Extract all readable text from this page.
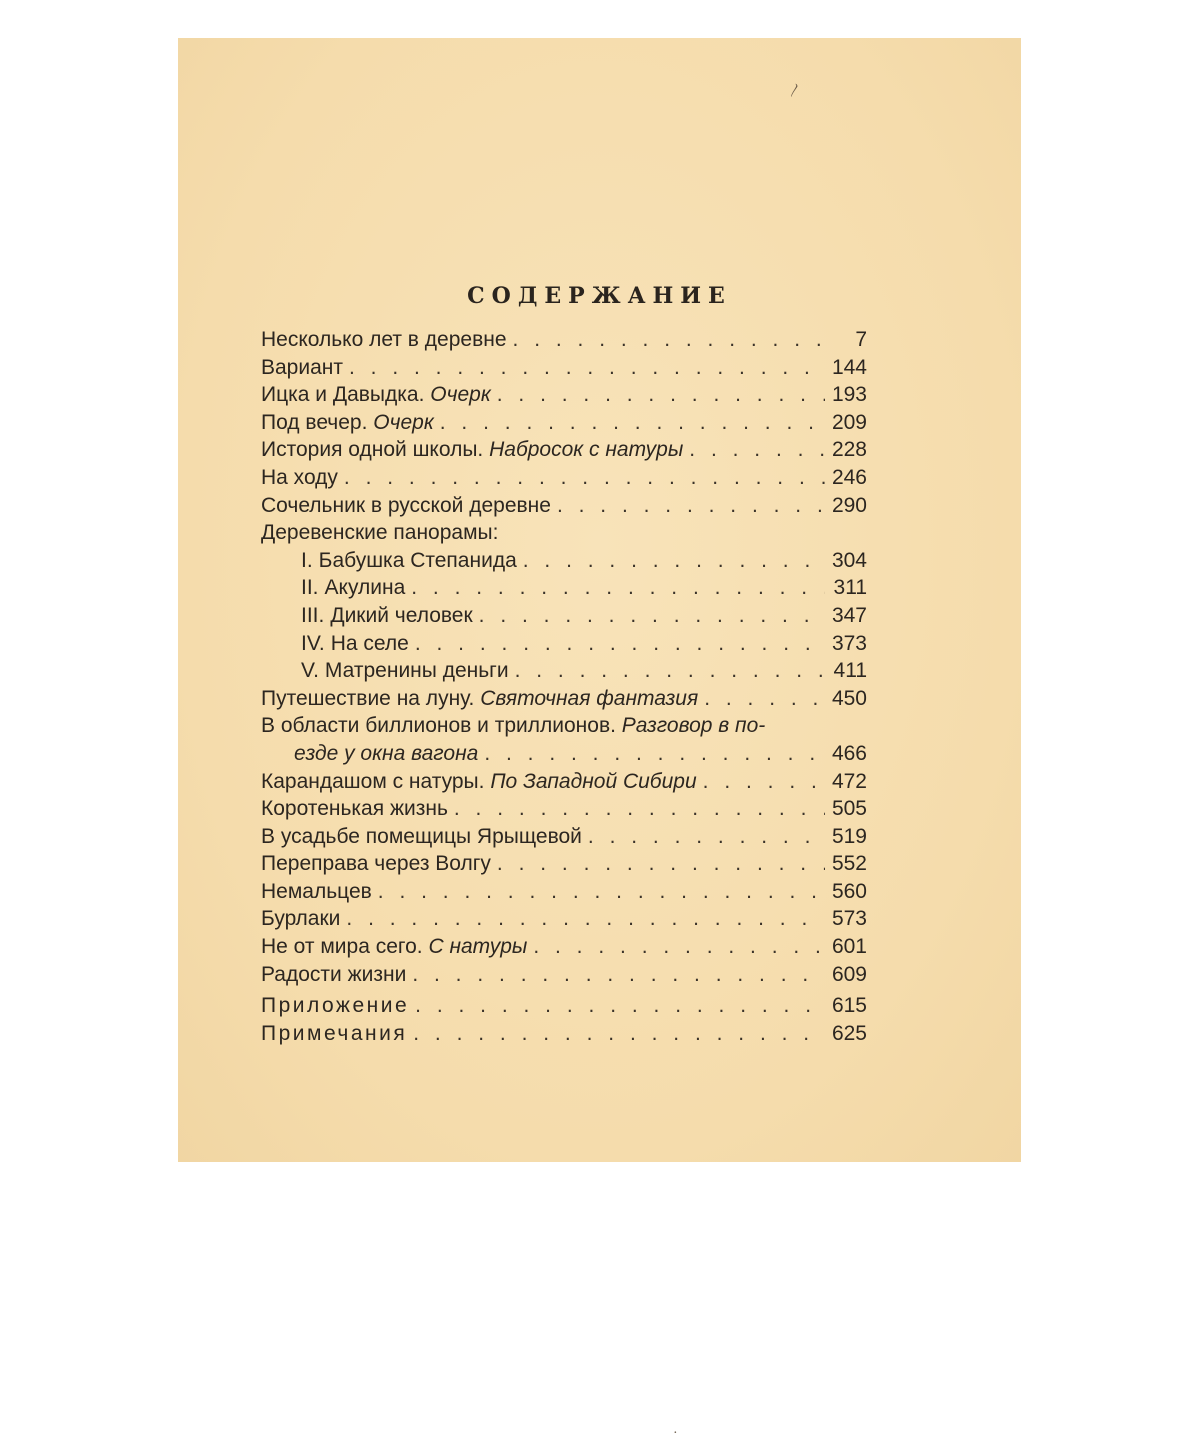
〳
·
СОДЕРЖАНИЕ
Несколько лет в деревне . . .	7
Вариант . . .	144
Ицка и Давыдка. Очерк . . .	193
Под вечер. Очерк . . .	209
История одной школы. Набросок с натуры . . .	228
На ходу . . .	246
Сочельник в русской деревне . . .	290
Деревенские панорамы:
I. Бабушка Степанида . . .	304
II. Акулина . . .	311
III. Дикий человек . . .	347
IV. На селе . . .	373
V. Матренины деньги . . .	411
Путешествие на луну. Святочная фантазия . . .	450
В области биллионов и триллионов. Разговор в по-
езде у окна вагона . . .	466
Карандашом с натуры. По Западной Сибири . . .	472
Коротенькая жизнь . . .	505
В усадьбе помещицы Ярыщевой . . .	519
Переправа через Волгу . . .	552
Немальцев . . .	560
Бурлаки . . .	573
Не от мира сего. С натуры . . .	601
Радости жизни . . .	609
Приложение . . .	615
Примечания . . .	625
